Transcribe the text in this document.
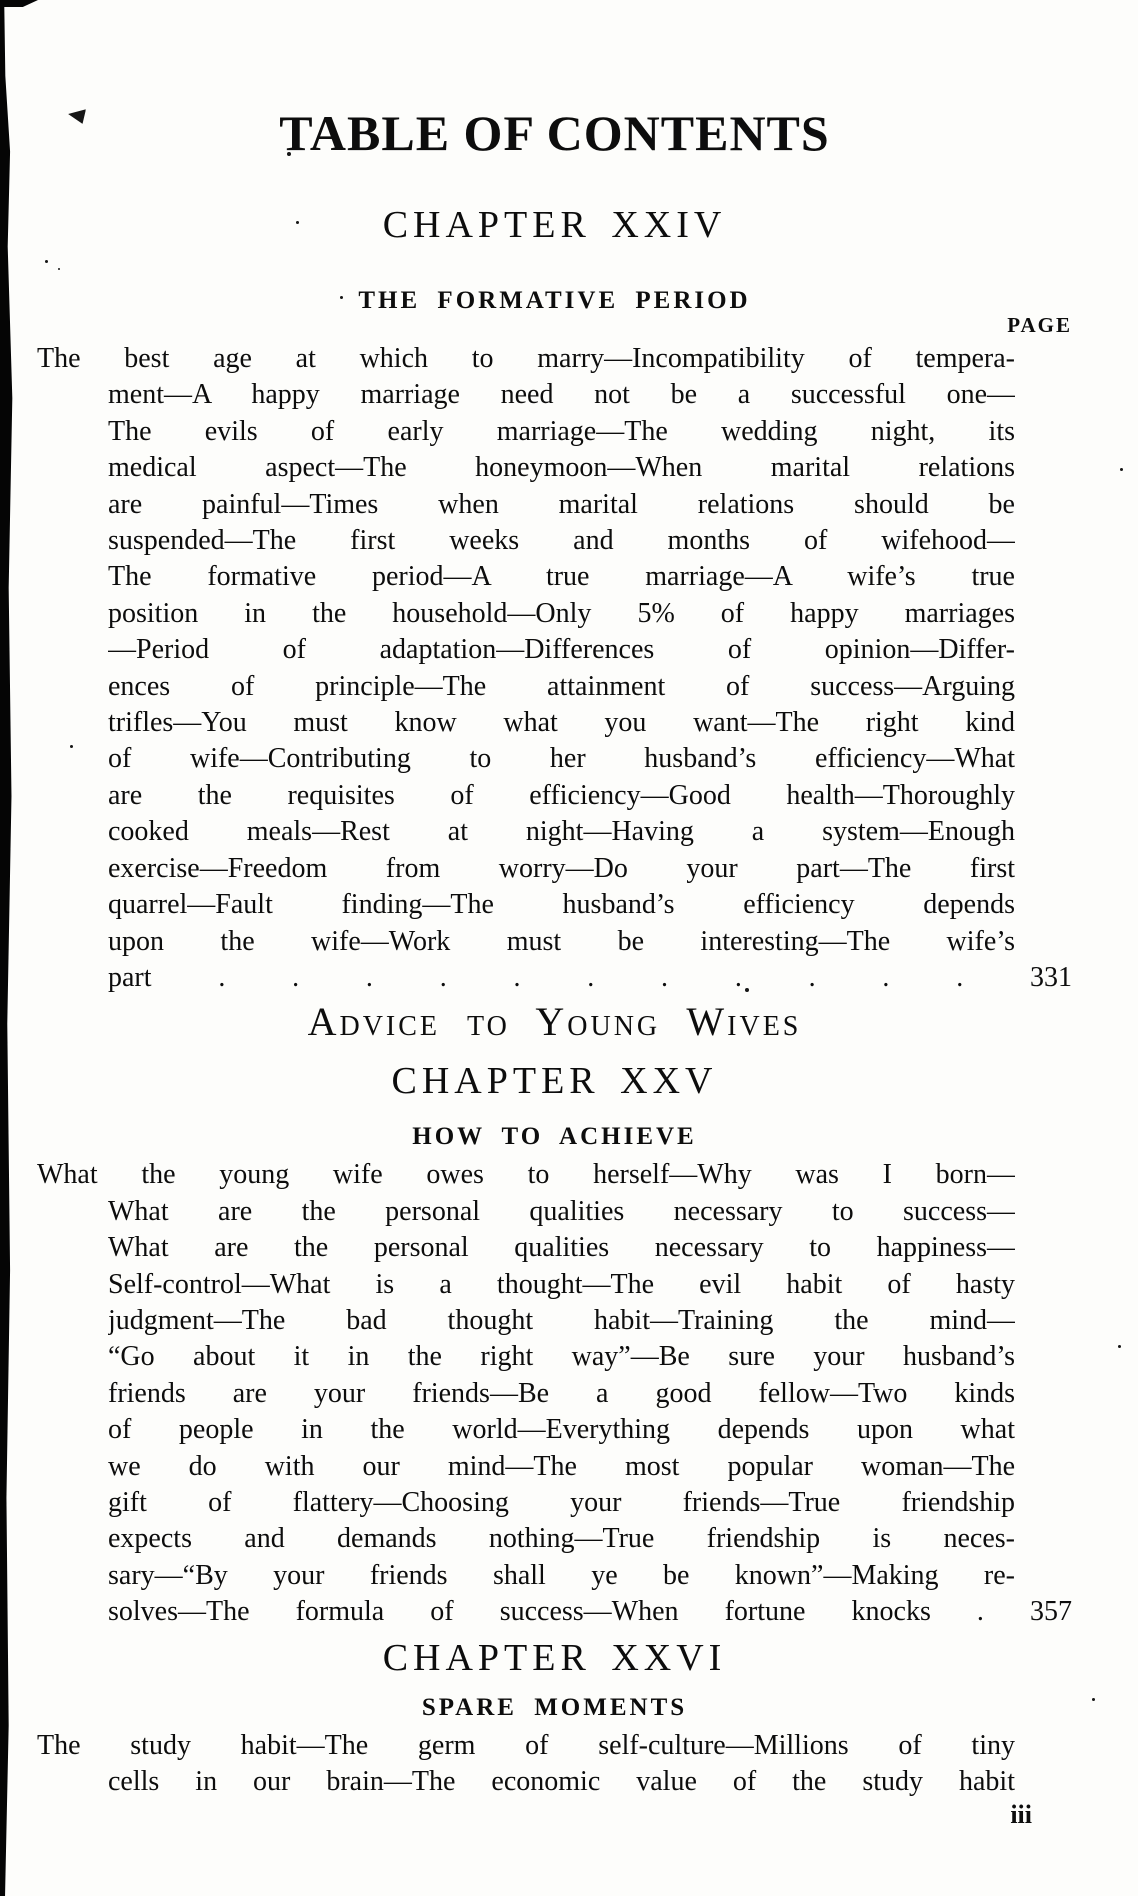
TABLE OF CONTENTS
CHAPTER XXIV
THE FORMATIVE PERIOD
PAGE
The best age at which to marry—Incompatibility of tempera-
ment—A happy marriage need not be a successful one—
The evils of early marriage—The wedding night, its
medical aspect—The honeymoon—When marital relations
are painful—Times when marital relations should be
suspended—The first weeks and months of wifehood—
The formative period—A true marriage—A wife’s true
position in the household—Only 5% of happy marriages
—Period of adaptation—Differences of opinion—Differ-
ences of principle—The attainment of success—Arguing
trifles—You must know what you want—The right kind
of wife—Contributing to her husband’s efficiency—What
are the requisites of efficiency—Good health—Thoroughly
cooked meals—Rest at night—Having a system—Enough
exercise—Freedom from worry—Do your part—The first
quarrel—Fault finding—The husband’s efficiency depends
upon the wife—Work must be interesting—The wife’s
part . . . . . . . . . . . 331
Advice to Young Wives
CHAPTER XXV
HOW TO ACHIEVE
What the young wife owes to herself—Why was I born—
What are the personal qualities necessary to success—
What are the personal qualities necessary to happiness—
Self-control—What is a thought—The evil habit of hasty
judgment—The bad thought habit—Training the mind—
“Go about it in the right way”—Be sure your husband’s
friends are your friends—Be a good fellow—Two kinds
of people in the world—Everything depends upon what
we do with our mind—The most popular woman—The
gift of flattery—Choosing your friends—True friendship
expects and demands nothing—True friendship is neces-
sary—“By your friends shall ye be known”—Making re-
solves—The formula of success—When fortune knocks . 357
CHAPTER XXVI
SPARE MOMENTS
The study habit—The germ of self-culture—Millions of tiny
cells in our brain—The economic value of the study habit
iii
